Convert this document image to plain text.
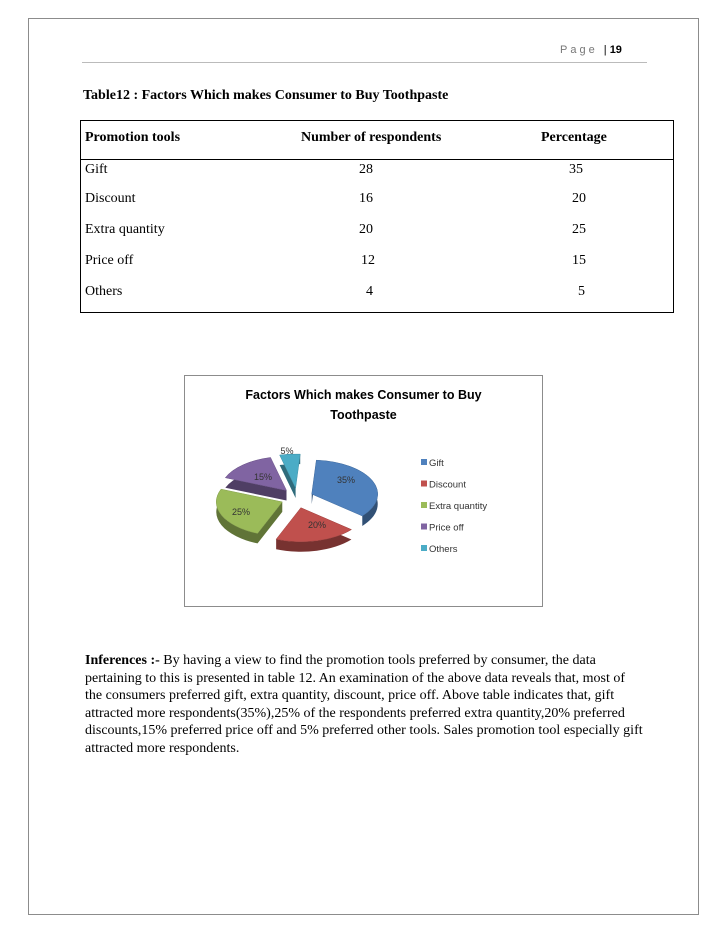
Page | 19
Table12 : Factors Which makes Consumer to Buy Toothpaste
Promotion tools	Number of respondents	Percentage
Gift	28	35
Discount	16	20
Extra quantity	20	25
Price off	12	15
Others	4	5
Factors Which makes Consumer to Buy
Toothpaste
35%
20%
25%
15%
5%
Gift
Discount
Extra quantity
Price off
Others
Inferences :- By having a view to find the promotion tools preferred by consumer, the data pertaining to this is presented in table 12. An examination of the above data reveals that, most of the consumers preferred gift, extra quantity, discount, price off. Above table indicates that, gift attracted more respondents(35%),25% of the respondents preferred extra quantity,20% preferred discounts,15% preferred price off and 5% preferred other tools. Sales promotion tool especially gift attracted more respondents.
